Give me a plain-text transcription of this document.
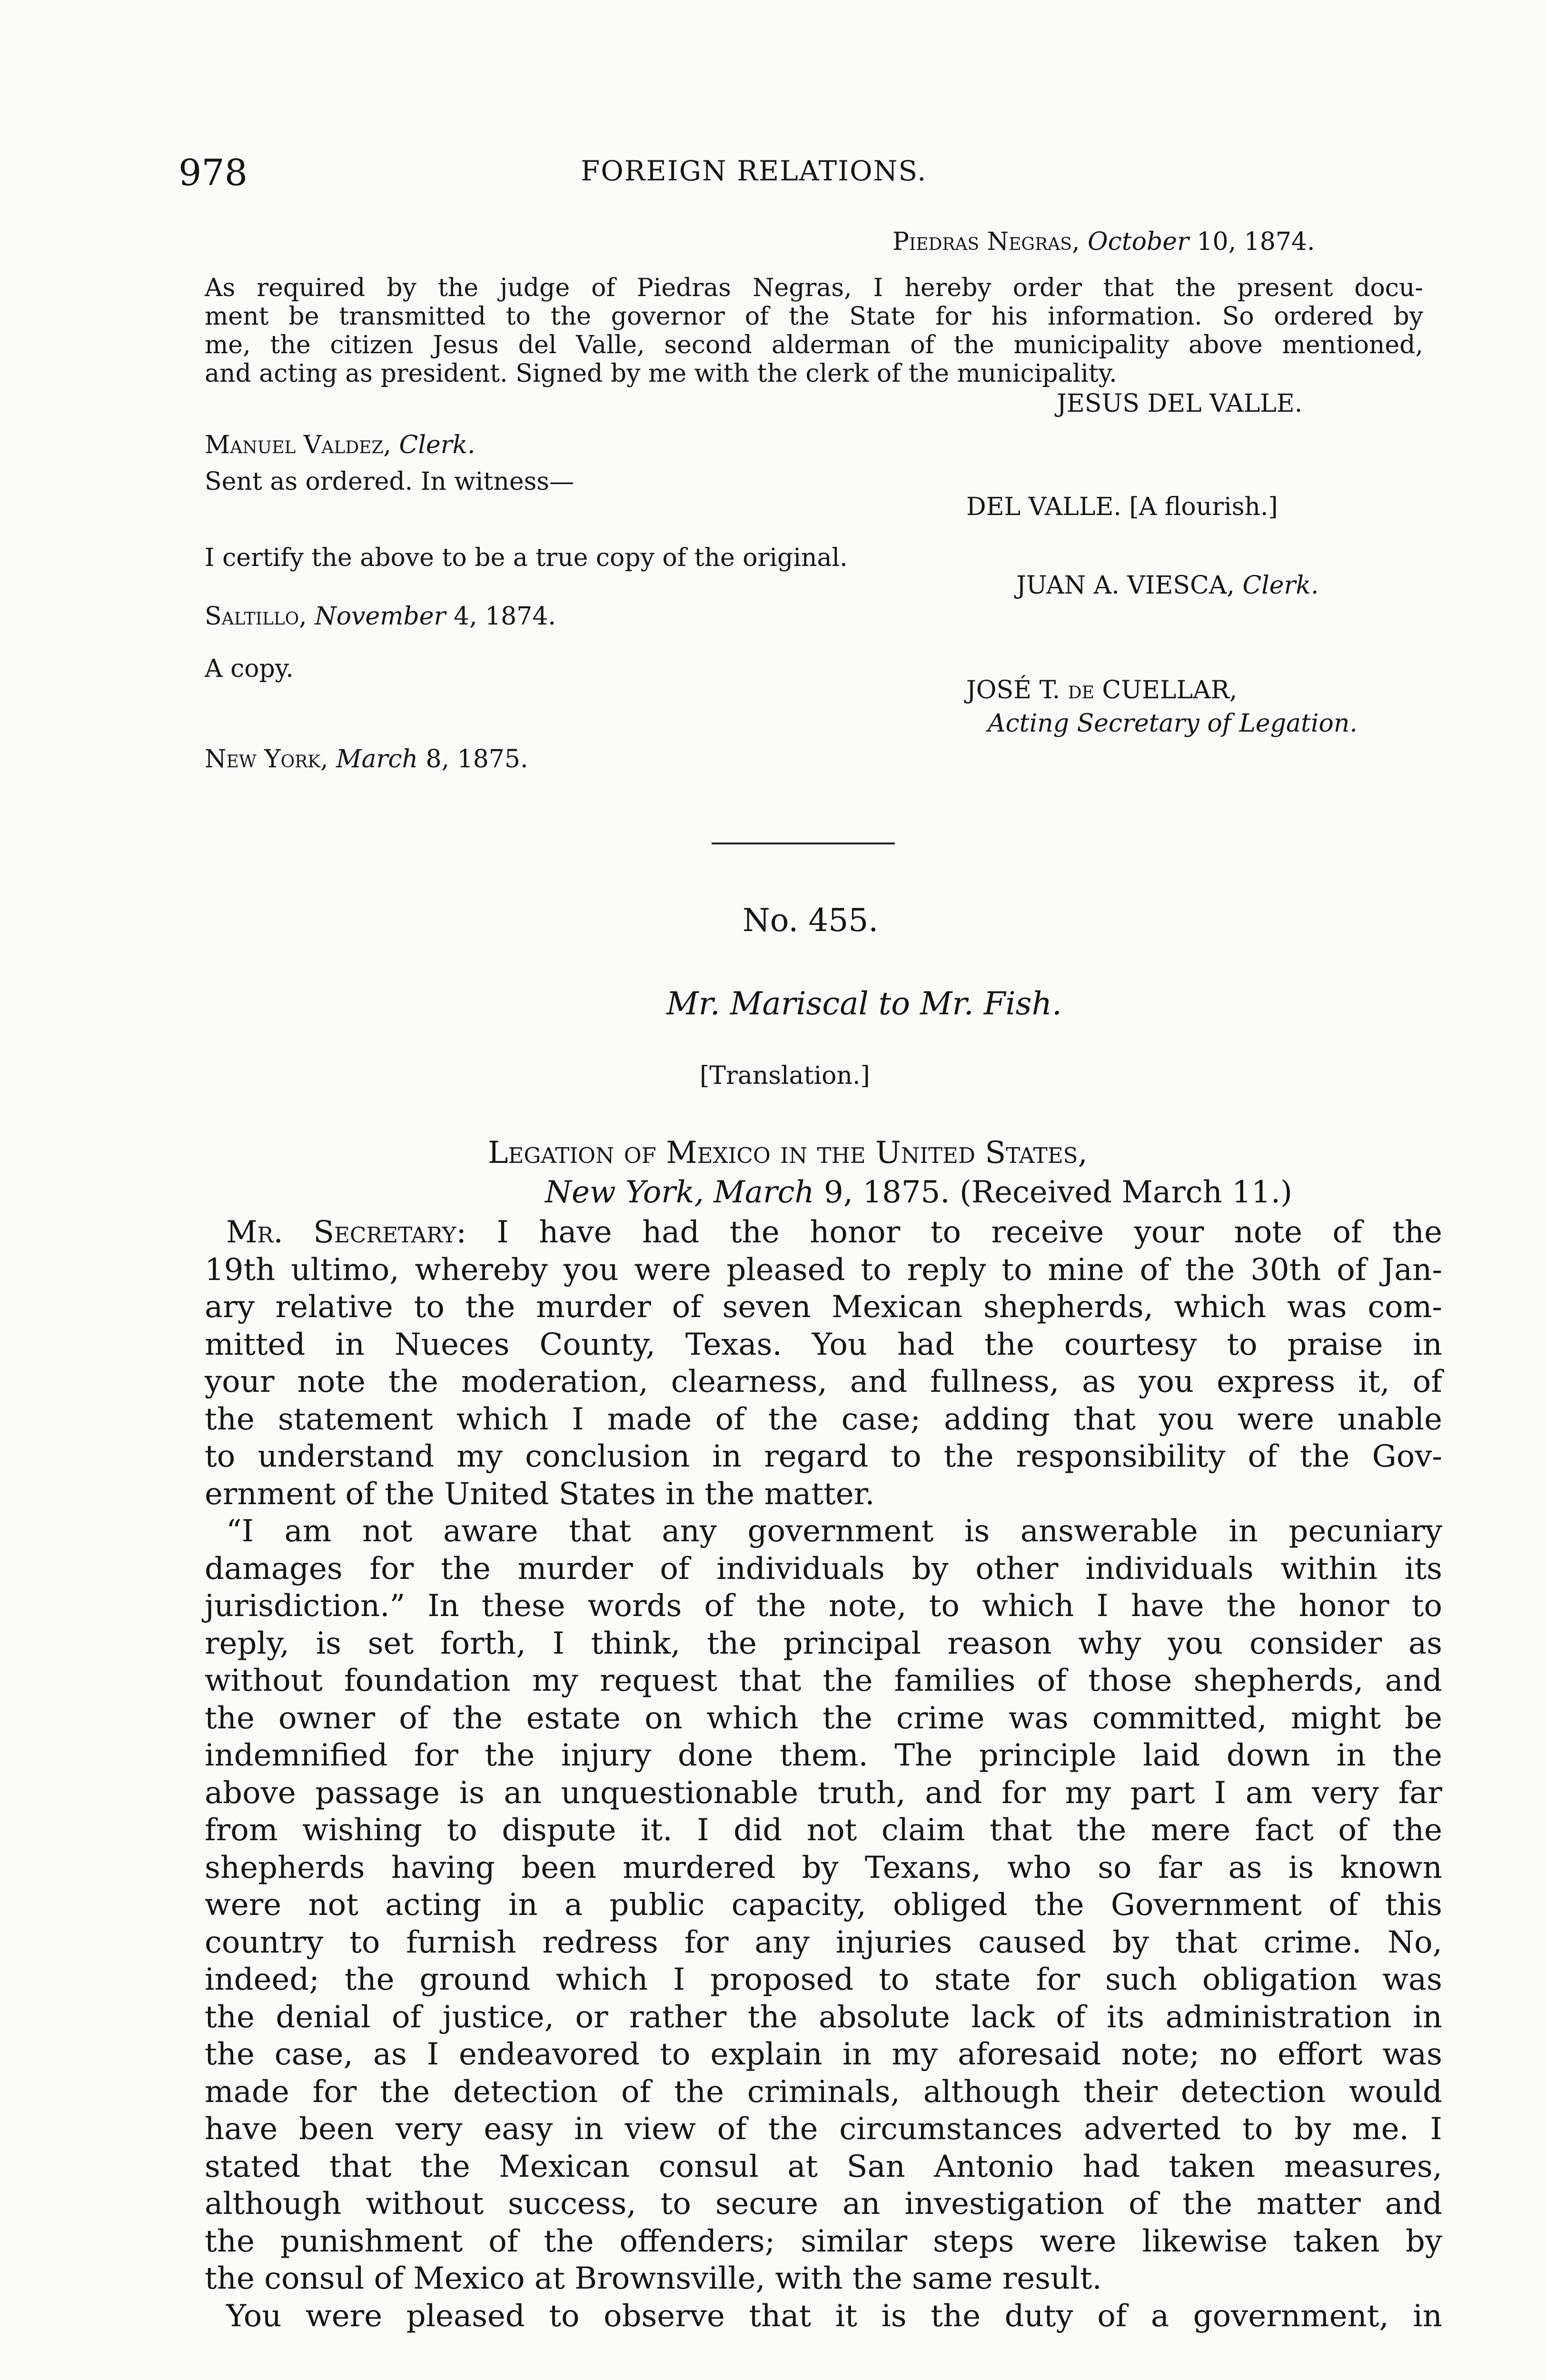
978	FOREIGN RELATIONS.
Piedras Negras, October 10, 1874.
As required by the judge of Piedras Negras, I hereby order that the present docu-
ment be transmitted to the governor of the State for his information. So ordered by
me, the citizen Jesus del Valle, second alderman of the municipality above mentioned,
and acting as president. Signed by me with the clerk of the municipality.
JESUS DEL VALLE.
Manuel Valdez, Clerk.
Sent as ordered. In witness—
DEL VALLE. [A flourish.]
I certify the above to be a true copy of the original.
JUAN A. VIESCA, Clerk.
Saltillo, November 4, 1874.
A copy.
JOSÉ T. de CUELLAR,
Acting Secretary of Legation.
New York, March 8, 1875.
No. 455.
Mr. Mariscal to Mr. Fish.
[Translation.]
Legation of Mexico in the United States,
New York, March 9, 1875. (Received March 11.)
Mr. Secretary: I have had the honor to receive your note of the
19th ultimo, whereby you were pleased to reply to mine of the 30th of Jan-
ary relative to the murder of seven Mexican shepherds, which was com-
mitted in Nueces County, Texas. You had the courtesy to praise in
your note the moderation, clearness, and fullness, as you express it, of
the statement which I made of the case; adding that you were unable
to understand my conclusion in regard to the responsibility of the Gov-
ernment of the United States in the matter.
“I am not aware that any government is answerable in pecuniary
damages for the murder of individuals by other individuals within its
jurisdiction.” In these words of the note, to which I have the honor to
reply, is set forth, I think, the principal reason why you consider as
without foundation my request that the families of those shepherds, and
the owner of the estate on which the crime was committed, might be
indemnified for the injury done them. The principle laid down in the
above passage is an unquestionable truth, and for my part I am very far
from wishing to dispute it. I did not claim that the mere fact of the
shepherds having been murdered by Texans, who so far as is known
were not acting in a public capacity, obliged the Government of this
country to furnish redress for any injuries caused by that crime. No,
indeed; the ground which I proposed to state for such obligation was
the denial of justice, or rather the absolute lack of its administration in
the case, as I endeavored to explain in my aforesaid note; no effort was
made for the detection of the criminals, although their detection would
have been very easy in view of the circumstances adverted to by me. I
stated that the Mexican consul at San Antonio had taken measures,
although without success, to secure an investigation of the matter and
the punishment of the offenders; similar steps were likewise taken by
the consul of Mexico at Brownsville, with the same result.
You were pleased to observe that it is the duty of a government, in
